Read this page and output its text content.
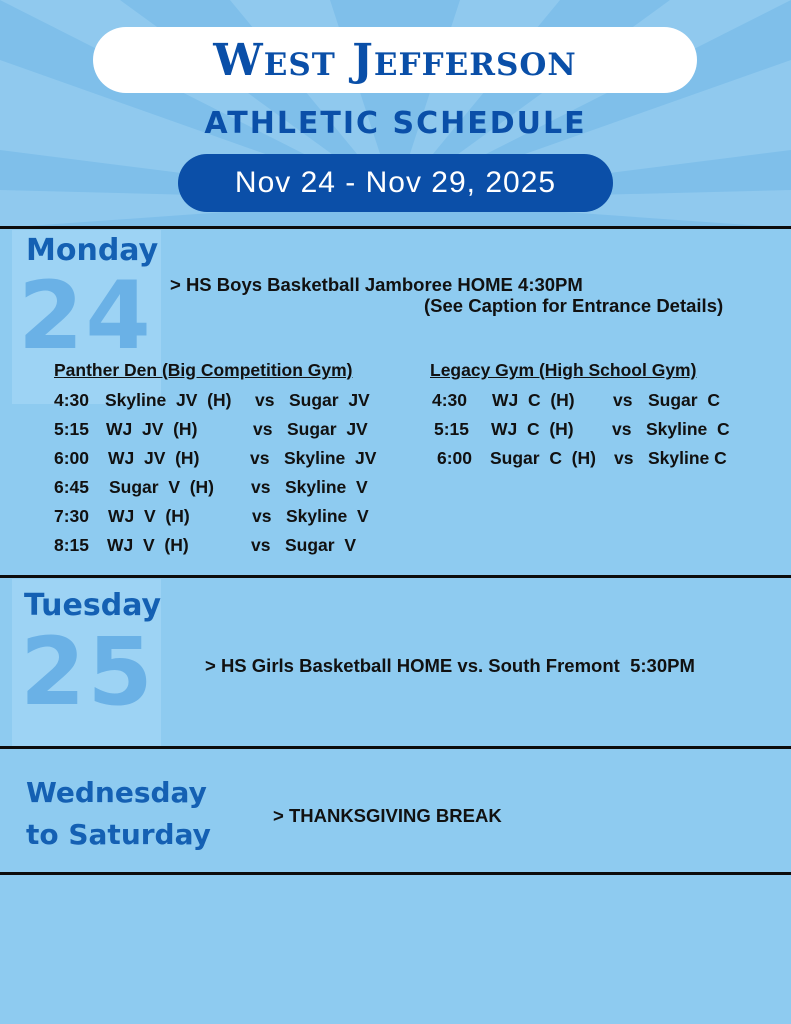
West Jefferson
ATHLETIC SCHEDULE
Nov 24 - Nov 29, 2025
Monday
24 > HS Boys Basketball Jamboree HOME 4:30PM
(See Caption for Entrance Details)
Panther Den (Big Competition Gym)	Legacy Gym (High School Gym)
4:30 Skyline  JV  (H) vs Sugar  JV
5:15 WJ  JV  (H)	vs Sugar  JV
6:00 WJ  JV  (H)	vs Skyline  JV
6:45 Sugar  V  (H) vs Skyline  V
7:30 WJ  V  (H)	vs Skyline  V
8:15 WJ  V  (H)	vs Sugar  V
4:30 WJ  C  (H) vs Sugar  C
5:15 WJ  C  (H) vs Skyline  C
6:00 Sugar  C  (H) vs Skyline C
Tuesday
25	> HS Girls Basketball HOME vs. South Fremont  5:30PM
Wednesday
to Saturday
> THANKSGIVING BREAK
